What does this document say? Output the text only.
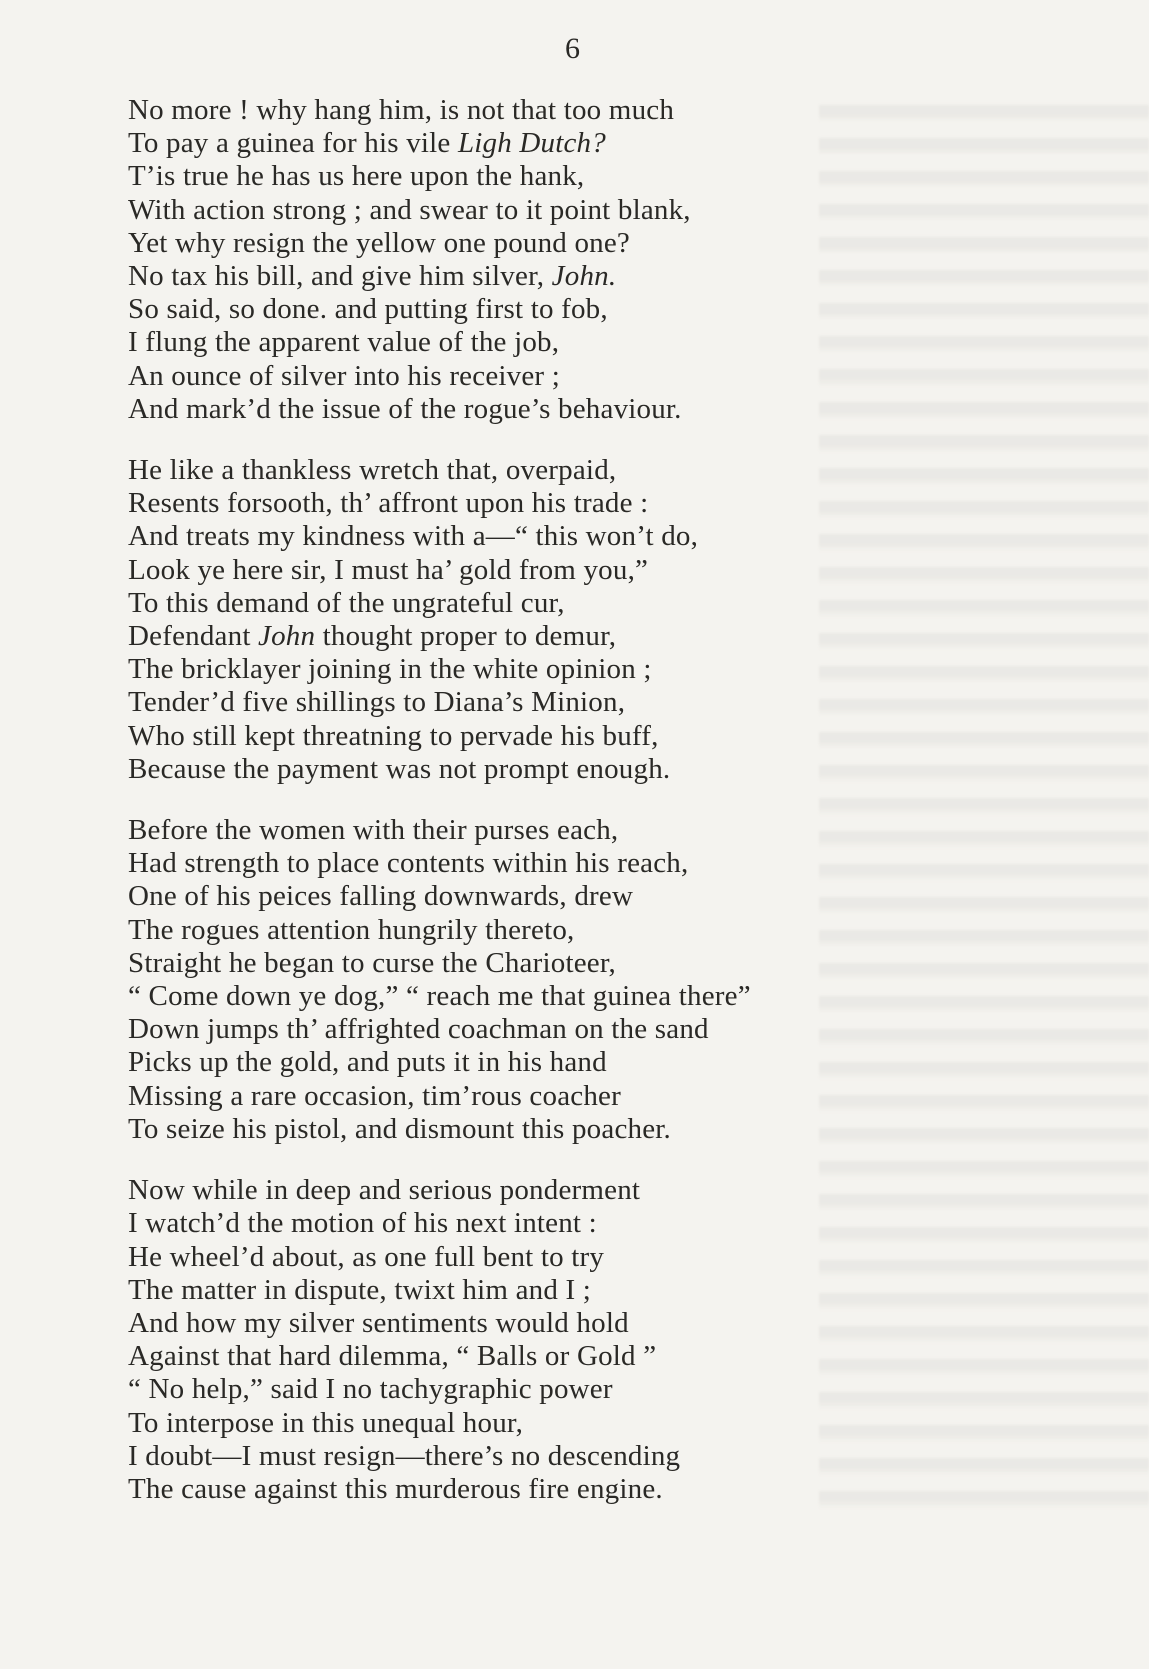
6
No more ! why hang him, is not that too much
To pay a guinea for his vile Ligh Dutch?
T’is true he has us here upon the hank,
With action strong ; and swear to it point blank,
Yet why resign the yellow one pound one?
No tax his bill, and give him silver, John.
So said, so done. and putting first to fob,
I flung the apparent value of the job,
An ounce of silver into his receiver ;
And mark’d the issue of the rogue’s behaviour.
He like a thankless wretch that, overpaid,
Resents forsooth, th’ affront upon his trade :
And treats my kindness with a—“ this won’t do,
Look ye here sir, I must ha’ gold from you,”
To this demand of the ungrateful cur,
Defendant John thought proper to demur,
The bricklayer joining in the white opinion ;
Tender’d five shillings to Diana’s Minion,
Who still kept threatning to pervade his buff,
Because the payment was not prompt enough.
Before the women with their purses each,
Had strength to place contents within his reach,
One of his peices falling downwards, drew
The rogues attention hungrily thereto,
Straight he began to curse the Charioteer,
“ Come down ye dog,” “ reach me that guinea there”
Down jumps th’ affrighted coachman on the sand
Picks up the gold, and puts it in his hand
Missing a rare occasion, tim’rous coacher
To seize his pistol, and dismount this poacher.
Now while in deep and serious ponderment
I watch’d the motion of his next intent :
He wheel’d about, as one full bent to try
The matter in dispute, twixt him and I ;
And how my silver sentiments would hold
Against that hard dilemma, “ Balls or Gold ”
“ No help,” said I no tachygraphic power
To interpose in this unequal hour,
I doubt—I must resign—there’s no descending
The cause against this murderous fire engine.
